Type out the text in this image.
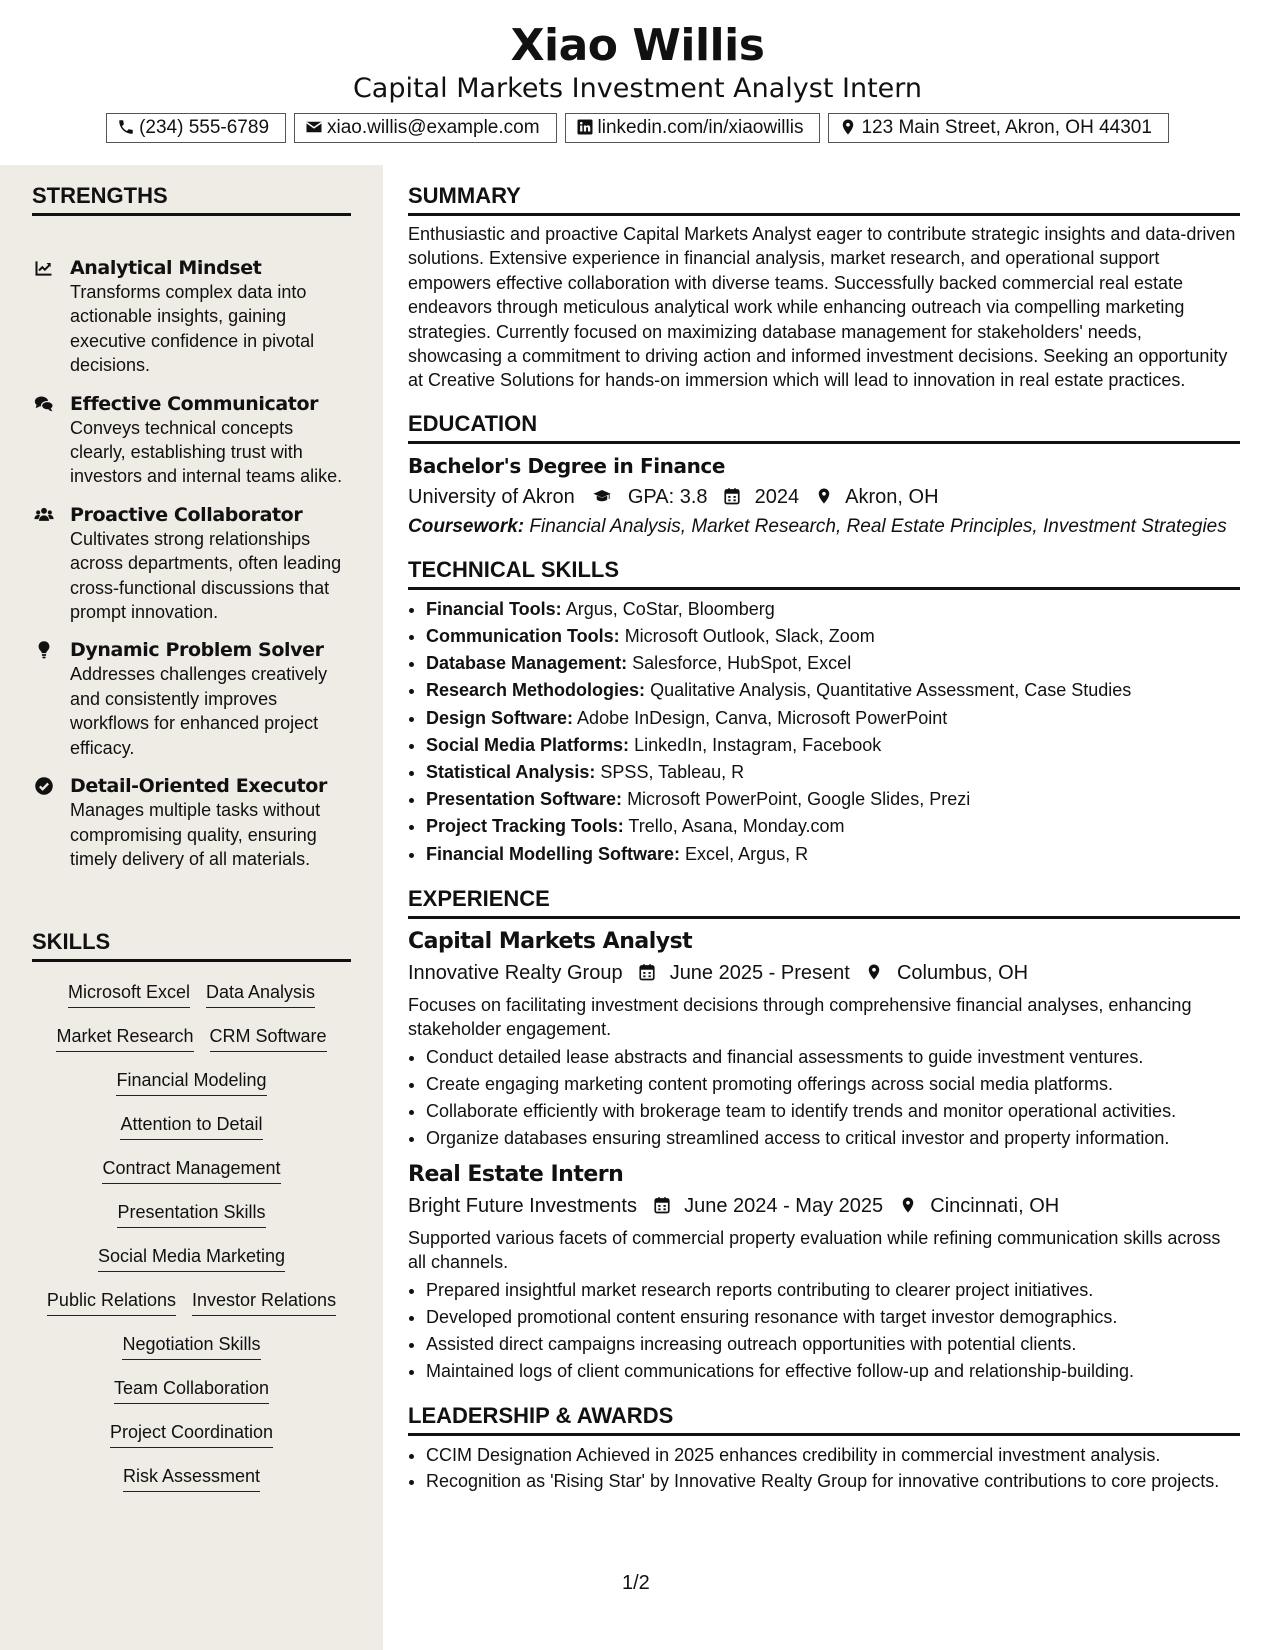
Xiao Willis
Capital Markets Investment Analyst Intern
(234) 555-6789	xiao.willis@example.com	linkedin.com/in/xiaowillis	123 Main Street, Akron, OH 44301
STRENGTHS
Analytical Mindset
Transforms complex data into actionable insights, gaining executive confidence in pivotal decisions.
Effective Communicator
Conveys technical concepts clearly, establishing trust with investors and internal teams alike.
Proactive Collaborator
Cultivates strong relationships across departments, often leading cross-functional discussions that prompt innovation.
Dynamic Problem Solver
Addresses challenges creatively and consistently improves workflows for enhanced project efficacy.
Detail-Oriented Executor
Manages multiple tasks without compromising quality, ensuring timely delivery of all materials.
SKILLS
Microsoft Excel Data Analysis
Market Research CRM Software
Financial Modeling
Attention to Detail
Contract Management
Presentation Skills
Social Media Marketing
Public Relations Investor Relations
Negotiation Skills
Team Collaboration
Project Coordination
Risk Assessment
SUMMARY
Enthusiastic and proactive Capital Markets Analyst eager to contribute strategic insights and data-driven solutions. Extensive experience in financial analysis, market research, and operational support empowers effective collaboration with diverse teams. Successfully backed commercial real estate endeavors through meticulous analytical work while enhancing outreach via compelling marketing strategies. Currently focused on maximizing database management for stakeholders' needs, showcasing a commitment to driving action and informed investment decisions. Seeking an opportunity at Creative Solutions for hands-on immersion which will lead to innovation in real estate practices.
EDUCATION
Bachelor's Degree in Finance
University of Akron	GPA: 3.8 2024 Akron, OH
Coursework: Financial Analysis, Market Research, Real Estate Principles, Investment Strategies
TECHNICAL SKILLS
• Financial Tools: Argus, CoStar, Bloomberg
• Communication Tools: Microsoft Outlook, Slack, Zoom
• Database Management: Salesforce, HubSpot, Excel
• Research Methodologies: Qualitative Analysis, Quantitative Assessment, Case Studies
• Design Software: Adobe InDesign, Canva, Microsoft PowerPoint
• Social Media Platforms: LinkedIn, Instagram, Facebook
• Statistical Analysis: SPSS, Tableau, R
• Presentation Software: Microsoft PowerPoint, Google Slides, Prezi
• Project Tracking Tools: Trello, Asana, Monday.com
• Financial Modelling Software: Excel, Argus, R
EXPERIENCE
Capital Markets Analyst
Innovative Realty Group June 2025 - Present Columbus, OH
Focuses on facilitating investment decisions through comprehensive financial analyses, enhancing stakeholder engagement.
• Conduct detailed lease abstracts and financial assessments to guide investment ventures.
• Create engaging marketing content promoting offerings across social media platforms.
• Collaborate efficiently with brokerage team to identify trends and monitor operational activities.
• Organize databases ensuring streamlined access to critical investor and property information.
Real Estate Intern
Bright Future Investments June 2024 - May 2025 Cincinnati, OH
Supported various facets of commercial property evaluation while refining communication skills across all channels.
• Prepared insightful market research reports contributing to clearer project initiatives.
• Developed promotional content ensuring resonance with target investor demographics.
• Assisted direct campaigns increasing outreach opportunities with potential clients.
• Maintained logs of client communications for effective follow-up and relationship-building.
LEADERSHIP & AWARDS
• CCIM Designation Achieved in 2025 enhances credibility in commercial investment analysis.
• Recognition as 'Rising Star' by Innovative Realty Group for innovative contributions to core projects.
1/2
